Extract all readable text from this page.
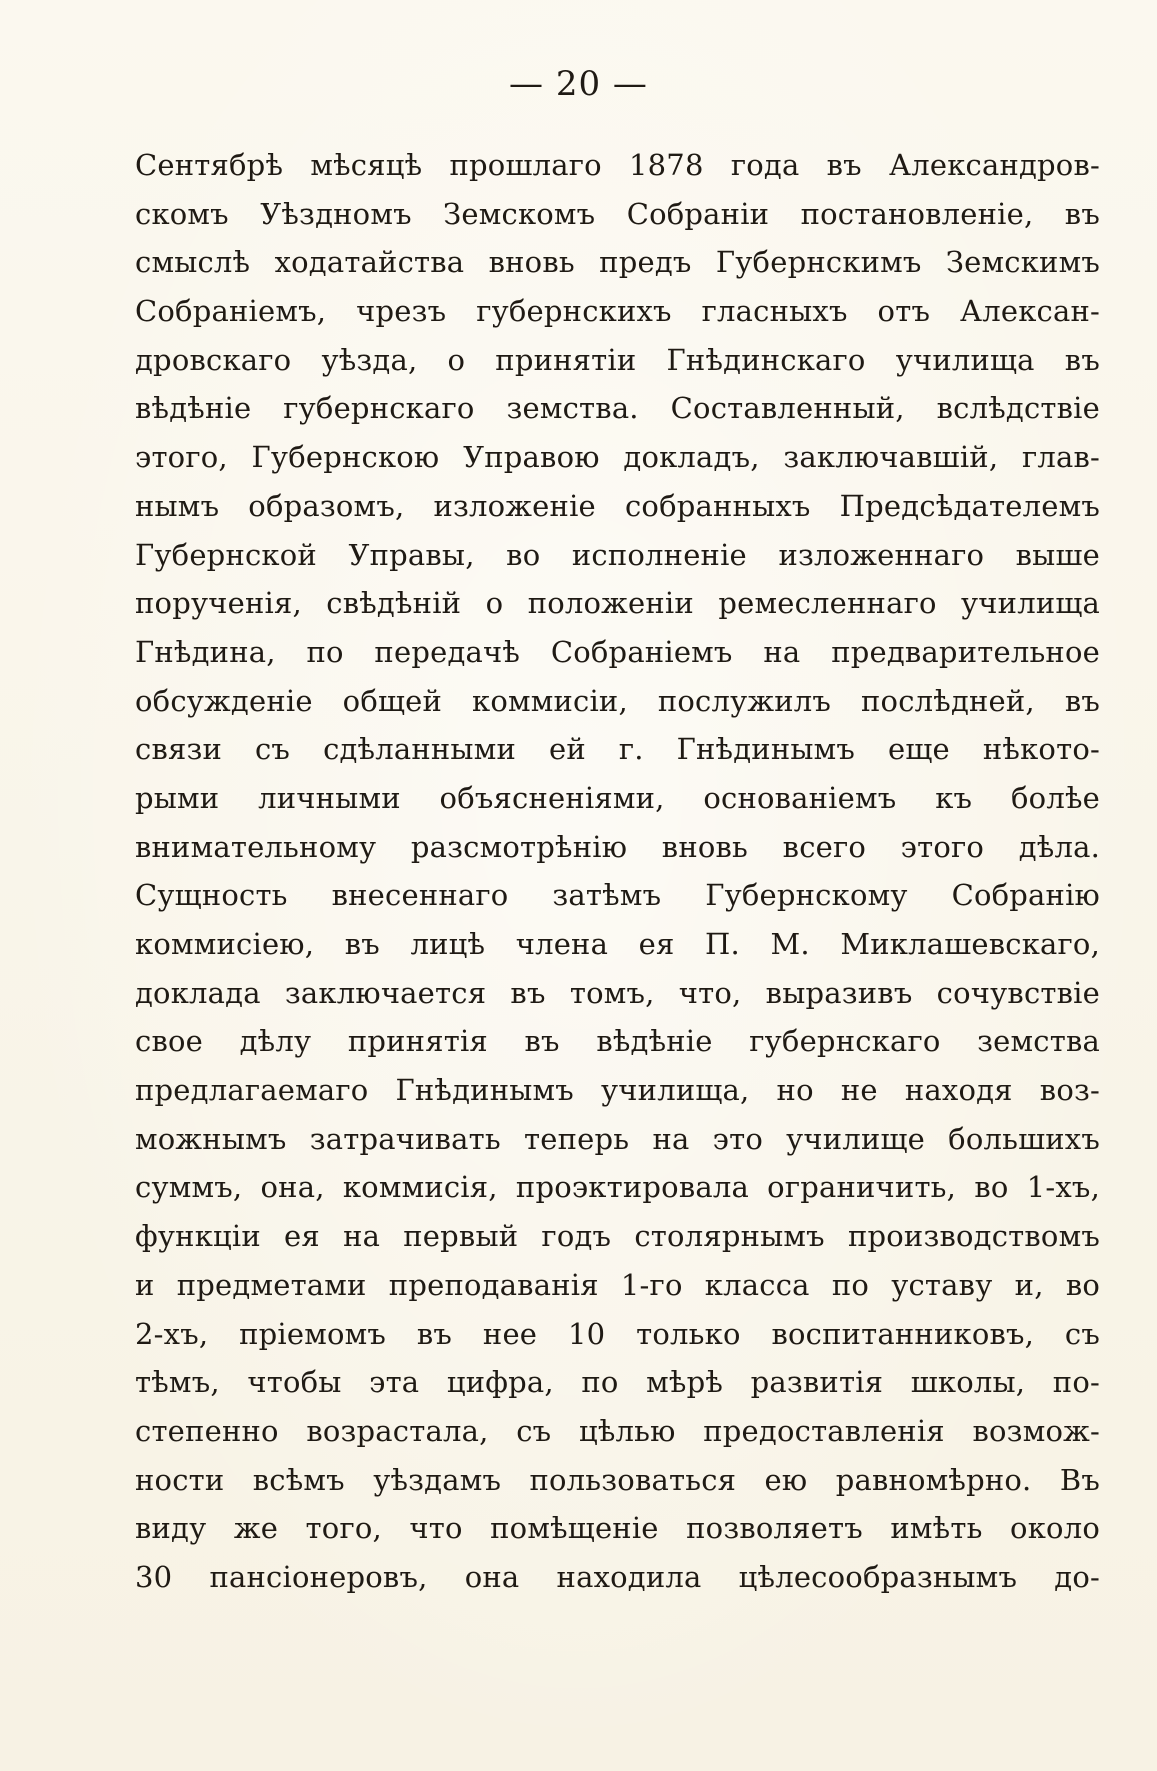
— 20 —
Сентябрѣ мѣсяцѣ прошлаго 1878 года въ Александров-
скомъ Уѣздномъ Земскомъ Собраніи постановленіе, въ
смыслѣ ходатайства вновь предъ Губернскимъ Земскимъ
Собраніемъ, чрезъ губернскихъ гласныхъ отъ Алексан-
дровскаго уѣзда, о принятіи Гнѣдинскаго училища въ
вѣдѣніе губернскаго земства. Составленный, вслѣдствіе
этого, Губернскою Управою докладъ, заключавшій, глав-
нымъ образомъ, изложеніе собранныхъ Предсѣдателемъ
Губернской Управы, во исполненіе изложеннаго выше
порученія, свѣдѣній о положеніи ремесленнаго училища
Гнѣдина, по передачѣ Собраніемъ на предварительное
обсужденіе общей коммисіи, послужилъ послѣдней, въ
связи съ сдѣланными ей г. Гнѣдинымъ еще нѣкото-
рыми личными объясненіями, основаніемъ къ болѣе
внимательному разсмотрѣнію вновь всего этого дѣла.
Сущность внесеннаго затѣмъ Губернскому Собранію
коммисіею, въ лицѣ члена ея П. М. Миклашевскаго,
доклада заключается въ томъ, что, выразивъ сочувствіе
свое дѣлу принятія въ вѣдѣніе губернскаго земства
предлагаемаго Гнѣдинымъ училища, но не находя воз-
можнымъ затрачивать теперь на это училище большихъ
суммъ, она, коммисія, проэктировала ограничить, во 1-хъ,
функціи ея на первый годъ столярнымъ производствомъ
и предметами преподаванія 1-го класса по уставу и, во
2-хъ, пріемомъ въ нее 10 только воспитанниковъ, съ
тѣмъ, чтобы эта цифра, по мѣрѣ развитія школы, по-
степенно возрастала, съ цѣлью предоставленія возмож-
ности всѣмъ уѣздамъ пользоваться ею равномѣрно. Въ
виду же того, что помѣщеніе позволяетъ имѣть около
30 пансіонеровъ, она находила цѣлесообразнымъ до-
